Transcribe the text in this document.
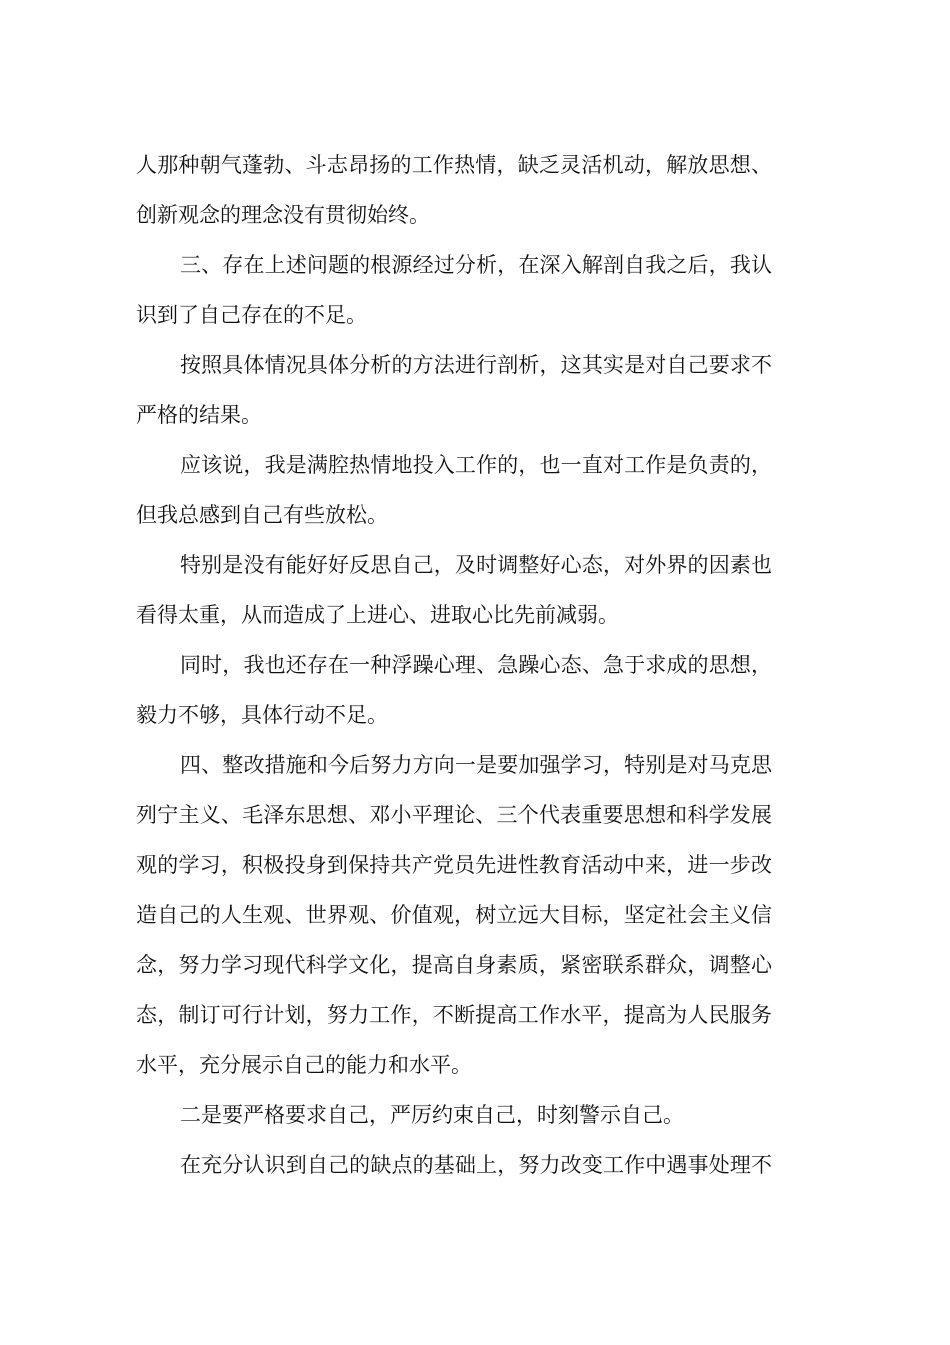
人那种朝气蓬勃、斗志昂扬的工作热情，缺乏灵活机动，解放思想、
创新观念的理念没有贯彻始终。
三、存在上述问题的根源经过分析，在深入解剖自我之后，我认
识到了自己存在的不足。
按照具体情况具体分析的方法进行剖析，这其实是对自己要求不
严格的结果。
应该说，我是满腔热情地投入工作的，也一直对工作是负责的，
但我总感到自己有些放松。
特别是没有能好好反思自己，及时调整好心态，对外界的因素也
看得太重，从而造成了上进心、进取心比先前减弱。
同时，我也还存在一种浮躁心理、急躁心态、急于求成的思想，
毅力不够，具体行动不足。
四、整改措施和今后努力方向一是要加强学习，特别是对马克思
列宁主义、毛泽东思想、邓小平理论、三个代表重要思想和科学发展
观的学习，积极投身到保持共产党员先进性教育活动中来，进一步改
造自己的人生观、世界观、价值观，树立远大目标，坚定社会主义信
念，努力学习现代科学文化，提高自身素质，紧密联系群众，调整心
态，制订可行计划，努力工作，不断提高工作水平，提高为人民服务
水平，充分展示自己的能力和水平。
二是要严格要求自己，严厉约束自己，时刻警示自己。
在充分认识到自己的缺点的基础上，努力改变工作中遇事处理不
